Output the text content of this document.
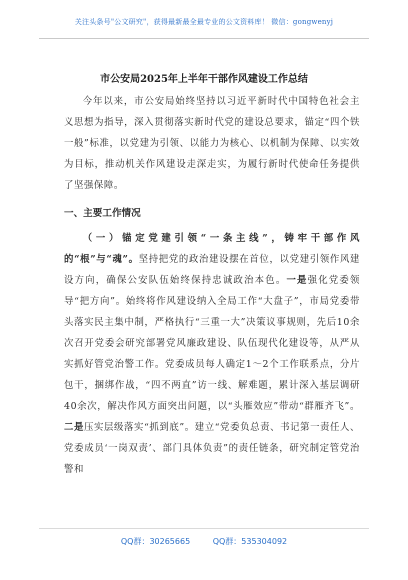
关注头条号"公文研究"，获得最新最全最专业的公文资料库！ 微信：gongwenyj
市公安局2025年上半年干部作风建设工作总结

今年以来，市公安局始终坚持以习近平新时代中国特色社会主义思想为指导，深入贯彻落实新时代党的建设总要求，锚定“四个铁一般”标准，以党建为引领、以能力为核心、以机制为保障、以实效为目标，推动机关作风建设走深走实，为履行新时代使命任务提供了坚强保障。

一、主要工作情况

（一）锚定党建引领“一条主线”，铸牢干部作风的“根”与“魂”。坚持把党的政治建设摆在首位，以党建引领作风建设方向，确保公安队伍始终保持忠诚政治本色。一是强化党委领导“把方向”。始终将作风建设纳入全局工作“大盘子”，市局党委带头落实民主集中制，严格执行“三重一大”决策议事规则，先后10余次召开党委会研究部署党风廉政建设、队伍现代化建设等，从严从实抓好管党治警工作。党委成员每人确定1～2个工作联系点，分片包干，捆绑作战，“四不两直”访一线、解难题，累计深入基层调研40余次，解决作风方面突出问题，以“头雁效应”带动“群雁齐飞”。二是压实层级落实“抓到底”。建立“党委负总责、书记第一责任人、党委成员‘一岗双责’、部门具体负责”的责任链条，研究制定管党治警和

QQ群：30265665	QQ群：535304092
